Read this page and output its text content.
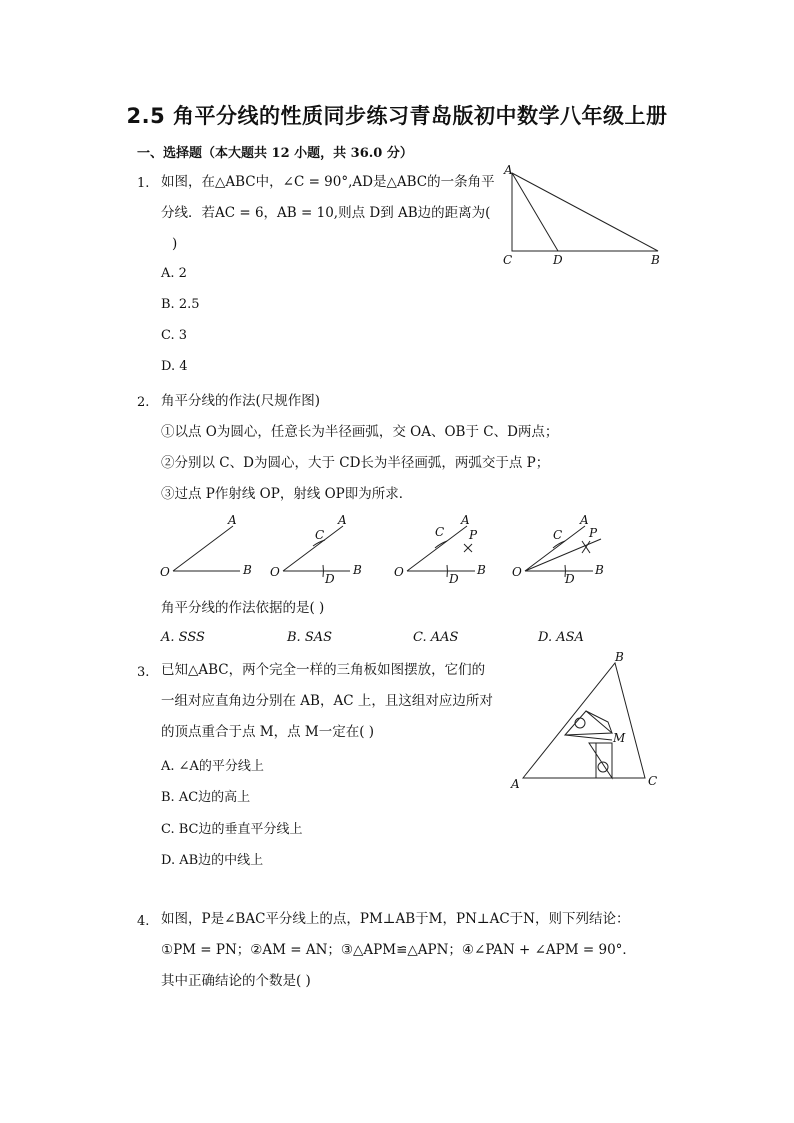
2.5 角平分线的性质同步练习青岛版初中数学八年级上册
一、选择题（本大题共 12 小题，共 36.0 分）
1. 如图，在△ABC中，∠C = 90°,AD是△ABC的一条角平
分线．若AC = 6，AB = 10,则点 D到 AB边的距离为(
)
A. 2
B. 2.5
C. 3
D. 4
A
C	D	B
2. 角平分线的作法(尺规作图)
①以点 O为圆心，任意长为半径画弧，交 OA、OB于 C、D两点；
②分别以 C、D为圆心，大于 CD长为半径画弧，两弧交于点 P；
③过点 P作射线 OP，射线 OP即为所求．
O
A
B O
C
A
D
B	O
C
A
P
D
B O
C
A
P
D
B
角平分线的作法依据的是( )
A. SSS	B. SAS	C. AAS	D. ASA
3. 已知△ABC，两个完全一样的三角板如图摆放，它们的
一组对应直角边分别在 AB，AC 上，且这组对应边所对
的顶点重合于点 M，点 M一定在( )
A. ∠A的平分线上
B. AC边的高上
C. BC边的垂直平分线上
D. AB边的中线上
A
B
C
M
4. 如图，P是∠BAC平分线上的点，PM⊥AB于M，PN⊥AC于N，则下列结论：
①PM = PN；②AM = AN；③△APM≌△APN；④∠PAN + ∠APM = 90°．
其中正确结论的个数是( )
